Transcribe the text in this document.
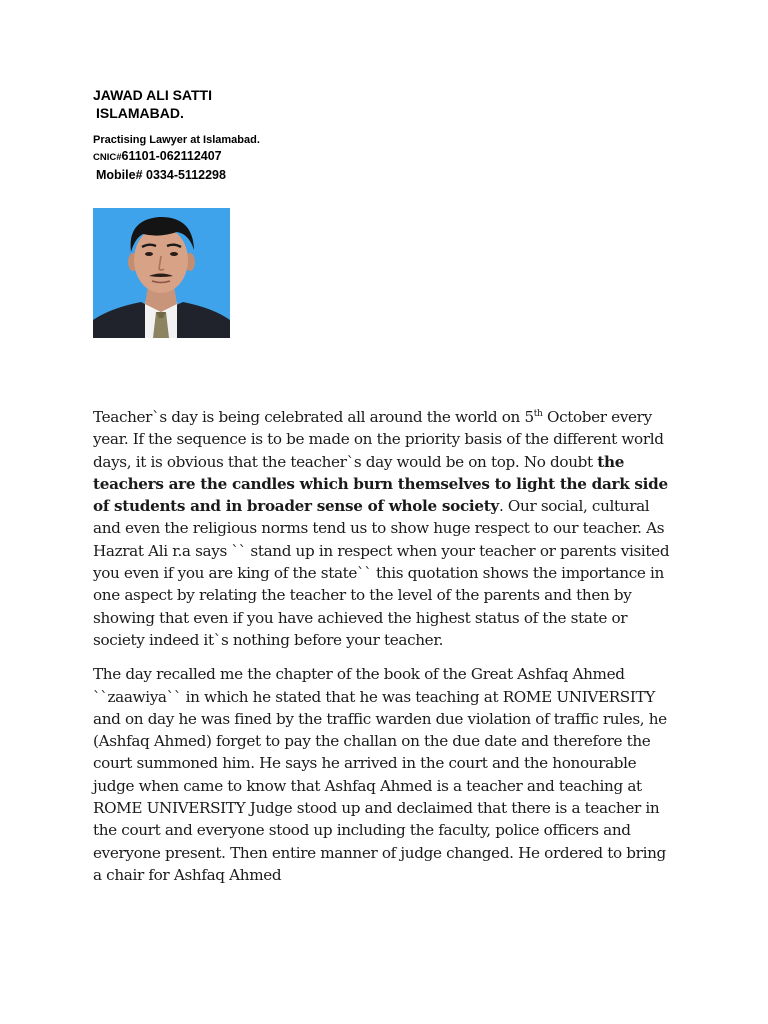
JAWAD ALI SATTI
ISLAMABAD.
Practising Lawyer at Islamabad.
CNIC#61101-062112407
Mobile# 0334-5112298

Teacher`s day is being celebrated all around the world on 5th October every year. If the sequence is to be made on the priority basis of the different world days, it is obvious that the teacher`s day would be on top. No doubt the teachers are the candles which burn themselves to light the dark side of students and in broader sense of whole society. Our social, cultural and even the religious norms tend us to show huge respect to our teacher. As Hazrat Ali r.a says `` stand up in respect when your teacher or parents visited you even if you are king of the state`` this quotation shows the importance in one aspect by relating the teacher to the level of the parents and then by showing that even if you have achieved the highest status of the state or society indeed it`s nothing before your teacher.

The day recalled me the chapter of the book of the Great Ashfaq Ahmed ``zaawiya`` in which he stated that he was teaching at ROME UNIVERSITY and on day he was fined by the traffic warden due violation of traffic rules, he (Ashfaq Ahmed) forget to pay the challan on the due date and therefore the court summoned him. He says he arrived in the court and the honourable judge when came to know that Ashfaq Ahmed is a teacher and teaching at ROME UNIVERSITY Judge stood up and declaimed that there is a teacher in the court and everyone stood up including the faculty, police officers and everyone present. Then entire manner of judge changed. He ordered to bring a chair for Ashfaq Ahmed
